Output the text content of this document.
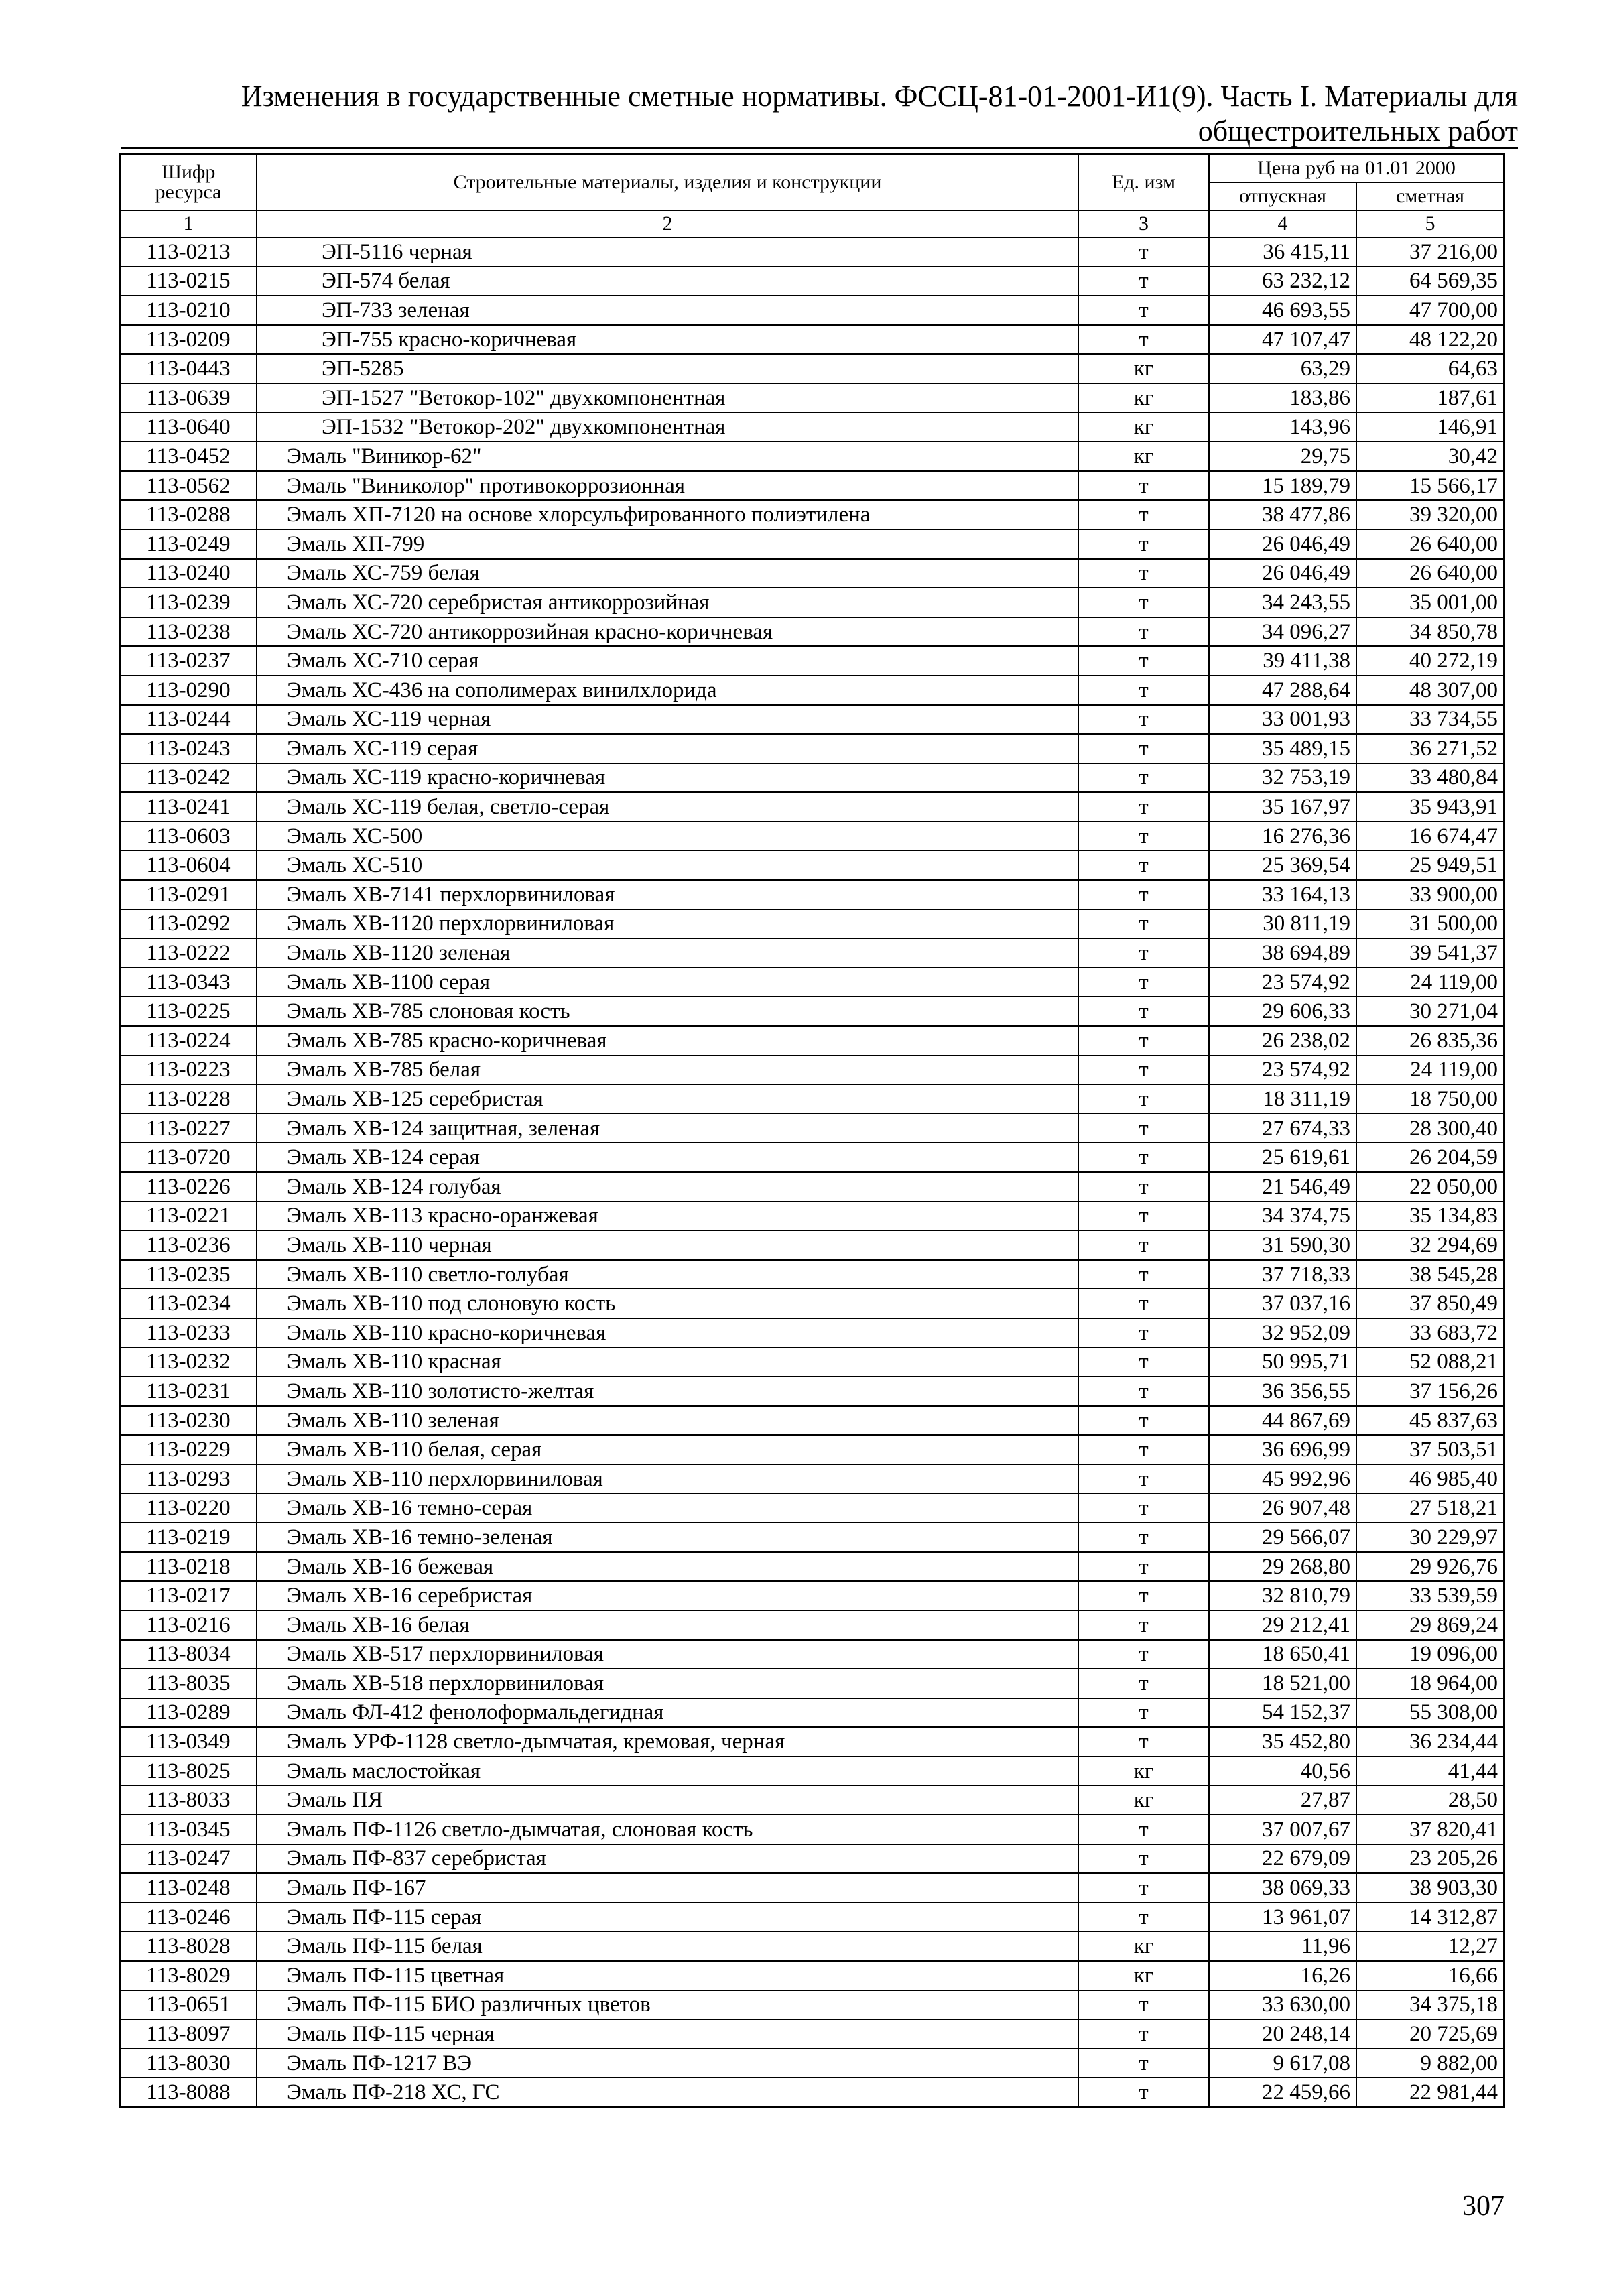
Изменения в государственные сметные нормативы. ФССЦ-81-01-2001-И1(9). Часть I. Материалы для
общестроительных работ
Шифр ресурса	Строительные материалы, изделия и конструкции	Ед. изм	Цена руб на 01.01 2000	
			отпускная	сметная
1	2	3	4	5
113-0213	ЭП-5116 черная	т	36 415,11	37 216,00
113-0215	ЭП-574 белая	т	63 232,12	64 569,35
113-0210	ЭП-733 зеленая	т	46 693,55	47 700,00
113-0209	ЭП-755 красно-коричневая	т	47 107,47	48 122,20
113-0443	ЭП-5285	кг	63,29	64,63
113-0639	ЭП-1527 "Ветокор-102" двухкомпонентная	кг	183,86	187,61
113-0640	ЭП-1532 "Ветокор-202" двухкомпонентная	кг	143,96	146,91
113-0452	Эмаль "Виникор-62"	кг	29,75	30,42
113-0562	Эмаль "Виниколор" противокоррозионная	т	15 189,79	15 566,17
113-0288	Эмаль ХП-7120 на основе хлорсульфированного полиэтилена	т	38 477,86	39 320,00
113-0249	Эмаль ХП-799	т	26 046,49	26 640,00
113-0240	Эмаль ХС-759 белая	т	26 046,49	26 640,00
113-0239	Эмаль ХС-720 серебристая антикоррозийная	т	34 243,55	35 001,00
113-0238	Эмаль ХС-720 антикоррозийная красно-коричневая	т	34 096,27	34 850,78
113-0237	Эмаль ХС-710 серая	т	39 411,38	40 272,19
113-0290	Эмаль ХС-436 на сополимерах винилхлорида	т	47 288,64	48 307,00
113-0244	Эмаль ХС-119 черная	т	33 001,93	33 734,55
113-0243	Эмаль ХС-119 серая	т	35 489,15	36 271,52
113-0242	Эмаль ХС-119 красно-коричневая	т	32 753,19	33 480,84
113-0241	Эмаль ХС-119 белая, светло-серая	т	35 167,97	35 943,91
113-0603	Эмаль ХС-500	т	16 276,36	16 674,47
113-0604	Эмаль ХС-510	т	25 369,54	25 949,51
113-0291	Эмаль ХВ-7141 перхлорвиниловая	т	33 164,13	33 900,00
113-0292	Эмаль ХВ-1120 перхлорвиниловая	т	30 811,19	31 500,00
113-0222	Эмаль ХВ-1120 зеленая	т	38 694,89	39 541,37
113-0343	Эмаль ХВ-1100 серая	т	23 574,92	24 119,00
113-0225	Эмаль ХВ-785 слоновая кость	т	29 606,33	30 271,04
113-0224	Эмаль ХВ-785 красно-коричневая	т	26 238,02	26 835,36
113-0223	Эмаль ХВ-785 белая	т	23 574,92	24 119,00
113-0228	Эмаль ХВ-125 серебристая	т	18 311,19	18 750,00
113-0227	Эмаль ХВ-124 защитная, зеленая	т	27 674,33	28 300,40
113-0720	Эмаль ХВ-124 серая	т	25 619,61	26 204,59
113-0226	Эмаль ХВ-124 голубая	т	21 546,49	22 050,00
113-0221	Эмаль ХВ-113 красно-оранжевая	т	34 374,75	35 134,83
113-0236	Эмаль ХВ-110 черная	т	31 590,30	32 294,69
113-0235	Эмаль ХВ-110 светло-голубая	т	37 718,33	38 545,28
113-0234	Эмаль ХВ-110 под слоновую кость	т	37 037,16	37 850,49
113-0233	Эмаль ХВ-110 красно-коричневая	т	32 952,09	33 683,72
113-0232	Эмаль ХВ-110 красная	т	50 995,71	52 088,21
113-0231	Эмаль ХВ-110 золотисто-желтая	т	36 356,55	37 156,26
113-0230	Эмаль ХВ-110 зеленая	т	44 867,69	45 837,63
113-0229	Эмаль ХВ-110 белая, серая	т	36 696,99	37 503,51
113-0293	Эмаль ХВ-110 перхлорвиниловая	т	45 992,96	46 985,40
113-0220	Эмаль ХВ-16 темно-серая	т	26 907,48	27 518,21
113-0219	Эмаль ХВ-16 темно-зеленая	т	29 566,07	30 229,97
113-0218	Эмаль ХВ-16 бежевая	т	29 268,80	29 926,76
113-0217	Эмаль ХВ-16 серебристая	т	32 810,79	33 539,59
113-0216	Эмаль ХВ-16 белая	т	29 212,41	29 869,24
113-8034	Эмаль ХВ-517 перхлорвиниловая	т	18 650,41	19 096,00
113-8035	Эмаль ХВ-518 перхлорвиниловая	т	18 521,00	18 964,00
113-0289	Эмаль ФЛ-412 фенолоформальдегидная	т	54 152,37	55 308,00
113-0349	Эмаль УРФ-1128 светло-дымчатая, кремовая, черная	т	35 452,80	36 234,44
113-8025	Эмаль маслостойкая	кг	40,56	41,44
113-8033	Эмаль ПЯ	кг	27,87	28,50
113-0345	Эмаль ПФ-1126 светло-дымчатая, слоновая кость	т	37 007,67	37 820,41
113-0247	Эмаль ПФ-837 серебристая	т	22 679,09	23 205,26
113-0248	Эмаль ПФ-167	т	38 069,33	38 903,30
113-0246	Эмаль ПФ-115 серая	т	13 961,07	14 312,87
113-8028	Эмаль ПФ-115 белая	кг	11,96	12,27
113-8029	Эмаль ПФ-115 цветная	кг	16,26	16,66
113-0651	Эмаль ПФ-115 БИО различных цветов	т	33 630,00	34 375,18
113-8097	Эмаль ПФ-115 черная	т	20 248,14	20 725,69
113-8030	Эмаль ПФ-1217 ВЭ	т	9 617,08	9 882,00
113-8088	Эмаль ПФ-218 ХС, ГС	т	22 459,66	22 981,44
307
